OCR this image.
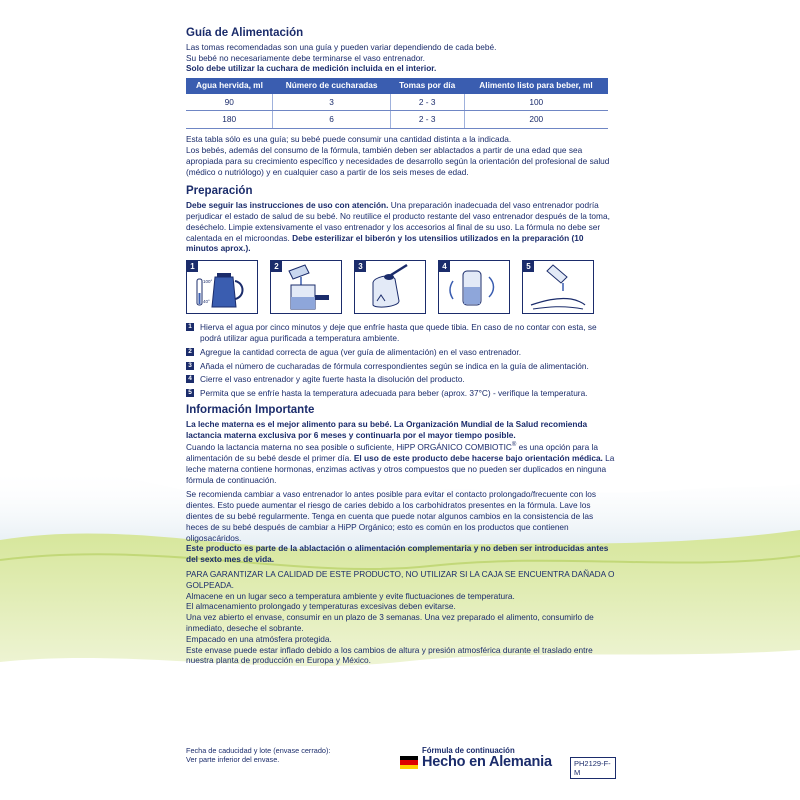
Guía de Alimentación

Las tomas recomendadas son una guía y pueden variar dependiendo de cada bebé.

Su bebé no necesariamente debe terminarse el vaso entrenador.

Solo debe utilizar la cuchara de medición incluida en el interior.

Agua hervida, ml	Número de cucharadas	Tomas por día	Alimento listo para beber, ml
90	3	2 - 3	100
180	6	2 - 3	200

Esta tabla sólo es una guía; su bebé puede consumir una cantidad distinta a la indicada.

Los bebés, además del consumo de la fórmula, también deben ser ablactados a partir de una edad que sea apropiada para su crecimiento específico y necesidades de desarrollo según la orientación del profesional de salud (médico o nutriólogo) y en cualquier caso a partir de los seis meses de edad.

Preparación

Debe seguir las instrucciones de uso con atención. Una preparación inadecuada del vaso entrenador podría perjudicar el estado de salud de su bebé. No reutilice el producto restante del vaso entrenador después de la toma, deséchelo. Limpie extensivamente el vaso entrenador y los accesorios al final de su uso. La fórmula no debe ser calentada en el microondas. Debe esterilizar el biberón y los utensilios utilizados en la preparación (10 minutos aprox.).

1
100°
40°
2	3	4	5
1 Hierva el agua por cinco minutos y deje que enfríe hasta que quede tibia. En caso de no contar con esta, se podrá utilizar agua purificada a temperatura ambiente.
2 Agregue la cantidad correcta de agua (ver guía de alimentación) en el vaso entrenador.
3 Añada el número de cucharadas de fórmula correspondientes según se indica en la guía de alimentación.
4 Cierre el vaso entrenador y agite fuerte hasta la disolución del producto.
5 Permita que se enfríe hasta la temperatura adecuada para beber (aprox. 37°C) - verifique la temperatura.
Información Importante

La leche materna es el mejor alimento para su bebé. La Organización Mundial de la Salud recomienda lactancia materna exclusiva por 6 meses y continuarla por el mayor tiempo posible.

Cuando la lactancia materna no sea posible o suficiente, HiPP ORGÁNICO COMBIOTIC® es una opción para la alimentación de su bebé desde el primer día. El uso de este producto debe hacerse bajo orientación médica. La leche materna contiene hormonas, enzimas activas y otros compuestos que no pueden ser duplicados en ninguna fórmula de continuación.

Se recomienda cambiar a vaso entrenador lo antes posible para evitar el contacto prolongado/frecuente con los dientes. Esto puede aumentar el riesgo de caries debido a los carbohidratos presentes en la fórmula. Lave los dientes de su bebé regularmente. Tenga en cuenta que puede notar algunos cambios en la consistencia de las heces de su bebé después de cambiar a HiPP Orgánico; esto es común en los productos que contienen oligosacáridos.

Este producto es parte de la ablactación o alimentación complementaria y no deben ser introducidas antes del sexto mes de vida.

PARA GARANTIZAR LA CALIDAD DE ESTE PRODUCTO, NO UTILIZAR SI LA CAJA SE ENCUENTRA DAÑADA O GOLPEADA.

Almacene en un lugar seco a temperatura ambiente y evite fluctuaciones de temperatura.

El almacenamiento prolongado y temperaturas excesivas deben evitarse.

Una vez abierto el envase, consumir en un plazo de 3 semanas. Una vez preparado el alimento, consumirlo de inmediato, deseche el sobrante.

Empacado en una atmósfera protegida.

Este envase puede estar inflado debido a los cambios de altura y presión atmosférica durante el traslado entre nuestra planta de producción en Europa y México.

Fecha de caducidad y lote (envase cerrado):
Ver parte inferior del envase.
Fórmula de continuación
Hecho en Alemania	PH2129-F-M
